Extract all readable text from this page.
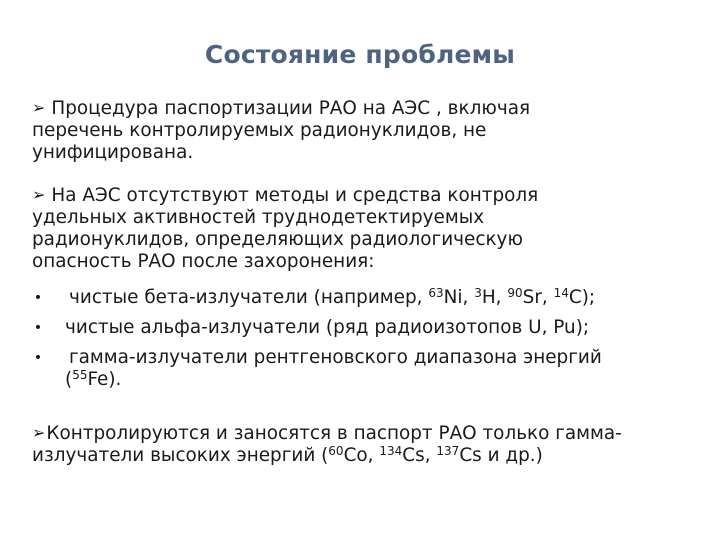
Состояние проблемы
➢ Процедура паспортизации РАО на АЭС , включая
перечень контролируемых радионуклидов, не
унифицирована.
➢ На АЭС отсутствуют методы и средства контроля
удельных активностей труднодетектируемых
радионуклидов, определяющих радиологическую
опасность РАО после захоронения:
• чистые бета-излучатели (например, $^{63}$Ni, $^3$H, $^{90}$Sr, $^{14}$C);
• чистые альфа-излучатели (ряд радиоизотопов U, Pu);
• гамма-излучатели рентгеновского диапазона энергий
($^{55}$Fe).
➢Контролируются и заносятся в паспорт РАО только гамма-
излучатели высоких энергий ($^{60}$Co, $^{134}$Cs, $^{137}$Cs и др.)
